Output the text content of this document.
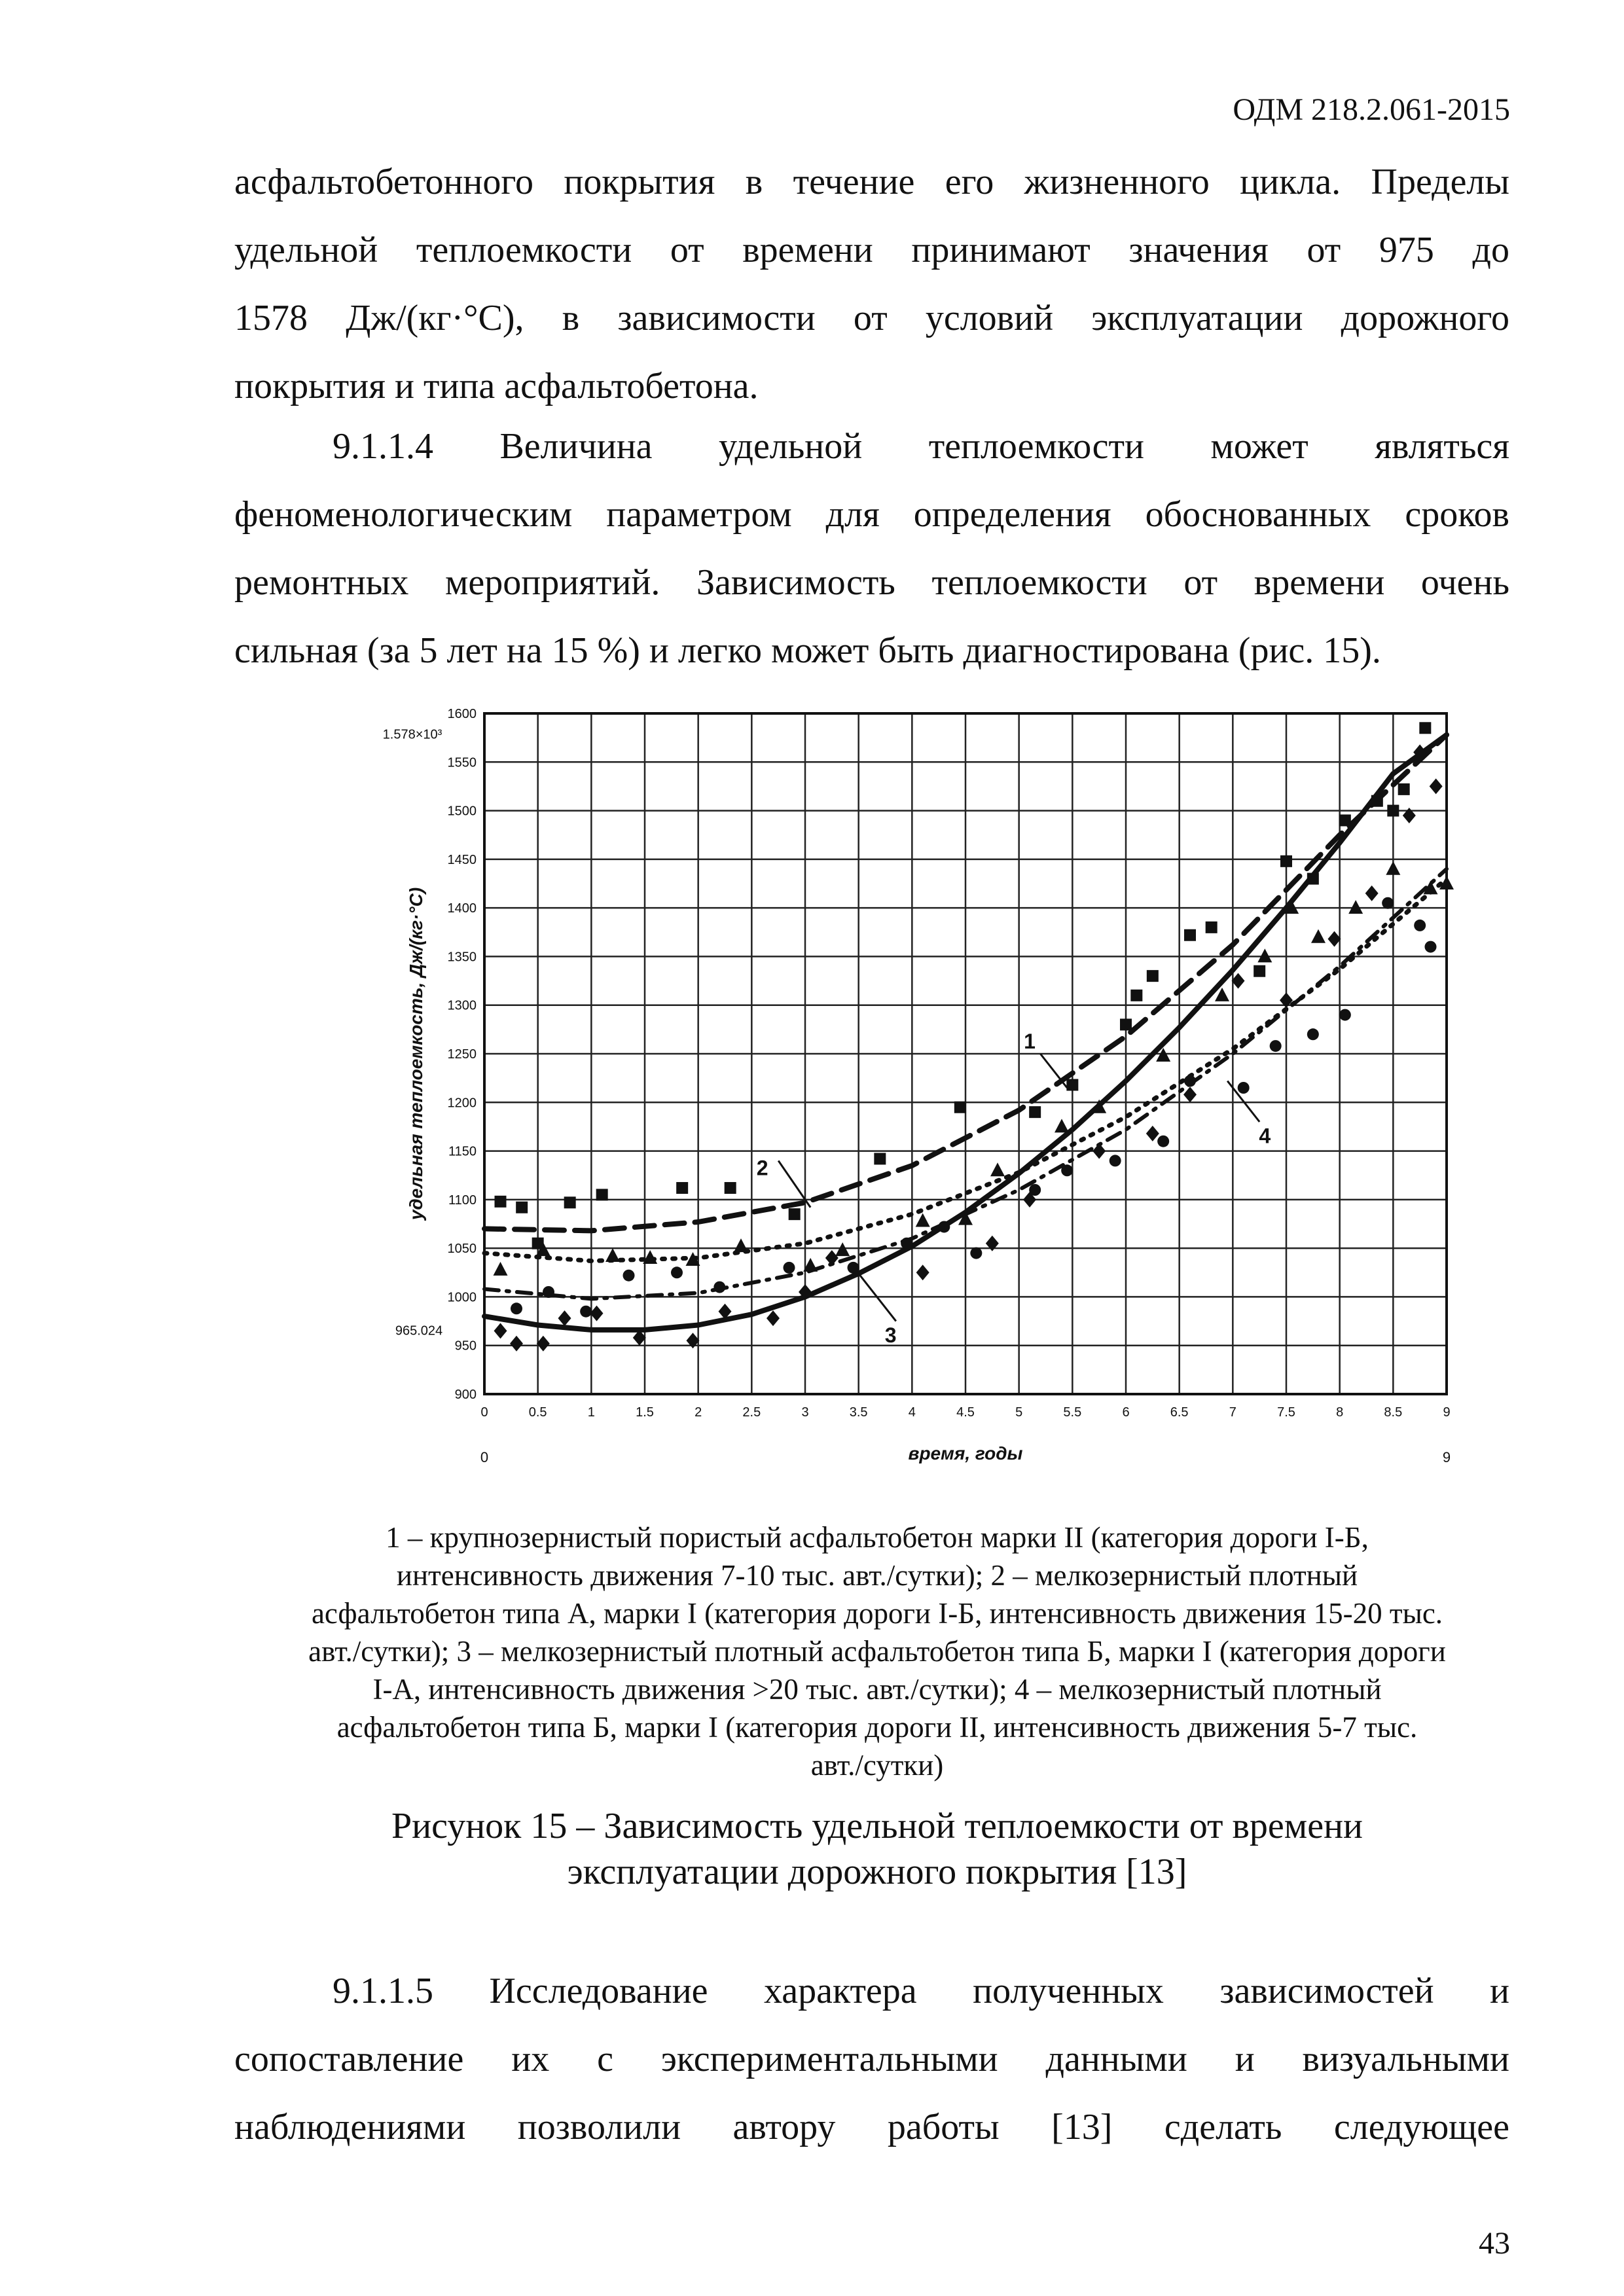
ОДМ 218.2.061-2015
асфальтобетонного покрытия в течение его жизненного цикла. Пределы
удельной теплоемкости от времени принимают значения от 975 до
1578 Дж/(кг·°С), в зависимости от условий эксплуатации дорожного
покрытия и типа асфальтобетона.
9.1.1.4 Величина удельной теплоемкости может являться
феноменологическим параметром для определения обоснованных сроков
ремонтных мероприятий. Зависимость теплоемкости от времени очень
сильная (за 5 лет на 15 %) и легко может быть диагностирована (рис. 15).
0	0.5	1	1.5	2	2.5	3	3.5	4	4.5	5	5.5	6	6.5	7	7.5	8	8.5	9
900
950
1000
1050
1100
1150
1200
1250
1300
1350
1400
1450
1500
1550
1600
1.578×10³
965.024
0	9
время, годы
удельная теплоемкость, Дж/(кг·°С)	1
2
3
4
1 – крупнозернистый пористый асфальтобетон марки II (категория дороги I-Б,
интенсивность движения 7-10 тыс. авт./сутки); 2 – мелкозернистый плотный
асфальтобетон типа А, марки I (категория дороги I-Б, интенсивность движения 15-20 тыс.
авт./сутки); 3 – мелкозернистый плотный асфальтобетон типа Б, марки I (категория дороги
I-А, интенсивность движения >20 тыс. авт./сутки); 4 – мелкозернистый плотный
асфальтобетон типа Б, марки I (категория дороги II, интенсивность движения 5-7 тыс.
авт./сутки)
Рисунок 15 – Зависимость удельной теплоемкости от времени
эксплуатации дорожного покрытия [13]
9.1.1.5 Исследование характера полученных зависимостей и
сопоставление их с экспериментальными данными и визуальными
наблюдениями позволили автору работы [13] сделать следующее
43
